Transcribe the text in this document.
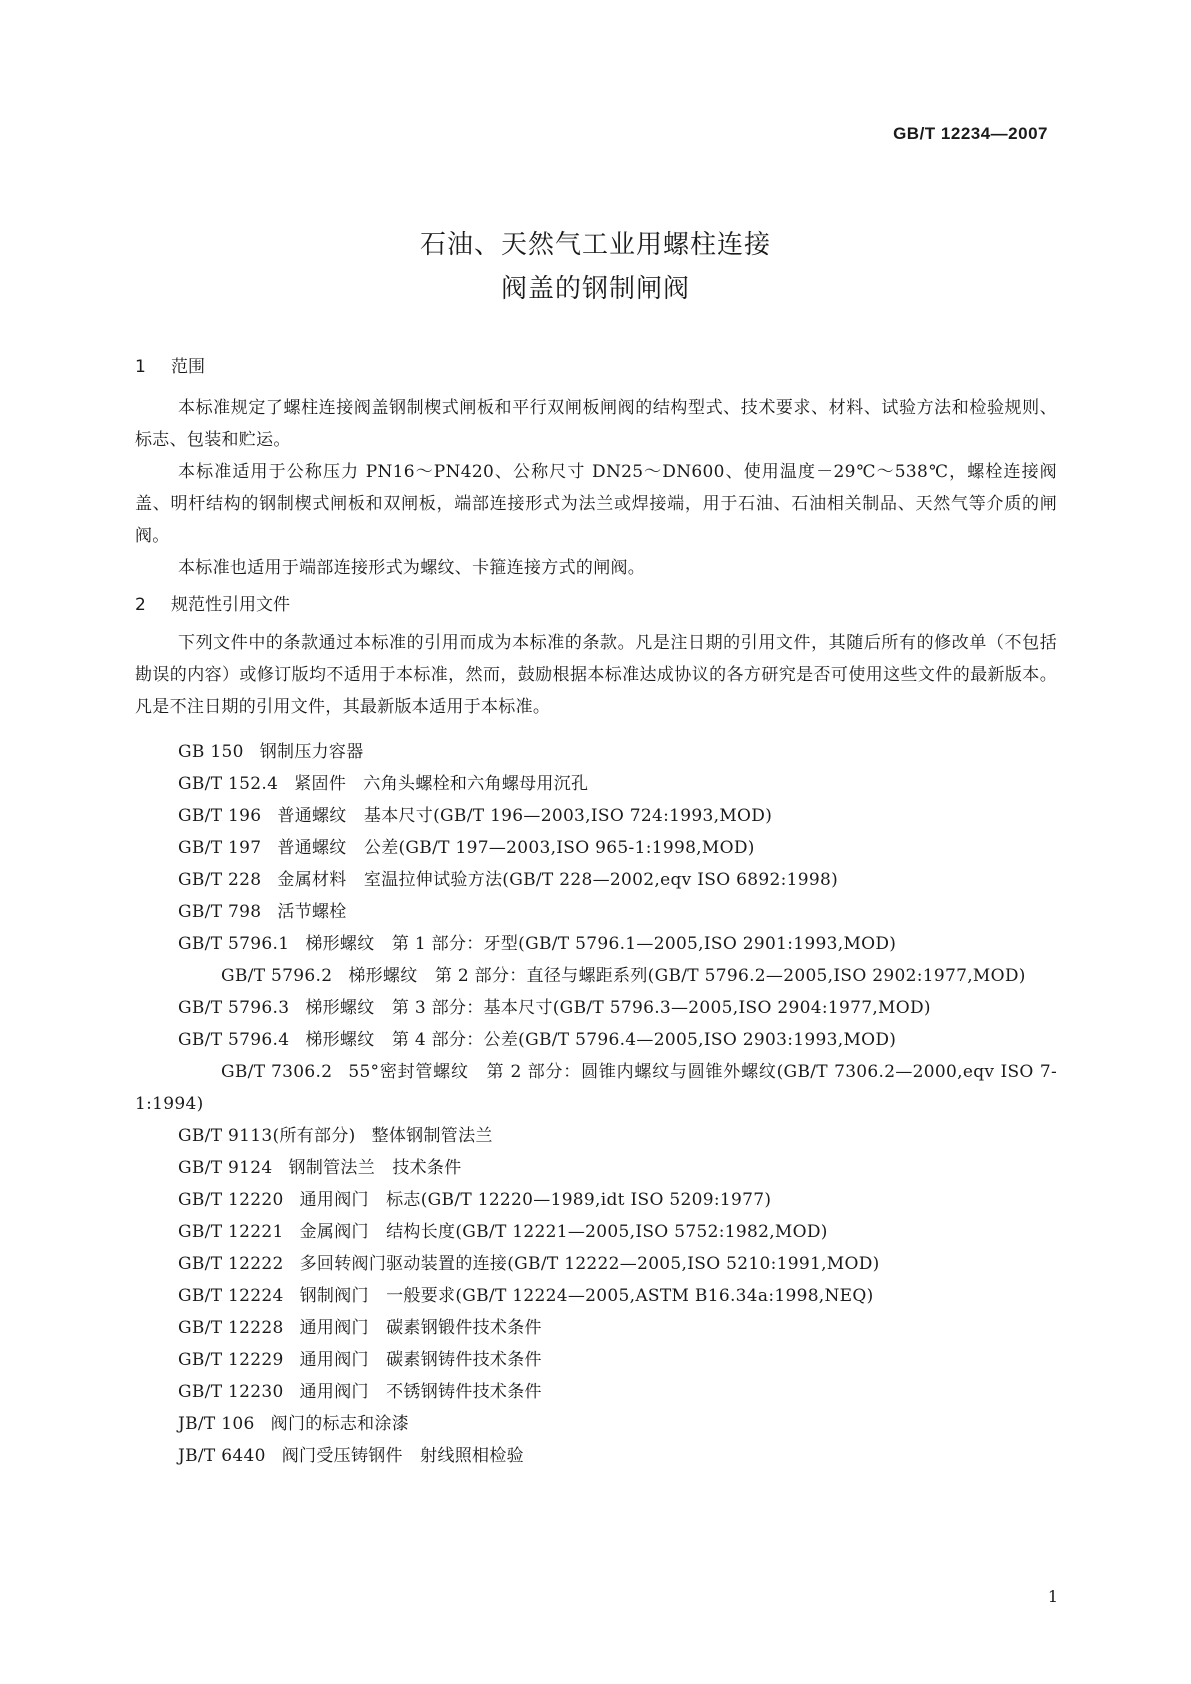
GB/T 12234—2007
石油、天然气工业用螺柱连接
阀盖的钢制闸阀
1 范围

本标准规定了螺柱连接阀盖钢制楔式闸板和平行双闸板闸阀的结构型式、技术要求、材料、试验方法和检验规则、标志、包装和贮运。

本标准适用于公称压力 PN16～PN420、公称尺寸 DN25～DN600、使用温度－29℃～538℃，螺栓连接阀盖、明杆结构的钢制楔式闸板和双闸板，端部连接形式为法兰或焊接端，用于石油、石油相关制品、天然气等介质的闸阀。

本标准也适用于端部连接形式为螺纹、卡箍连接方式的闸阀。

2 规范性引用文件

下列文件中的条款通过本标准的引用而成为本标准的条款。凡是注日期的引用文件，其随后所有的修改单（不包括勘误的内容）或修订版均不适用于本标准，然而，鼓励根据本标准达成协议的各方研究是否可使用这些文件的最新版本。凡是不注日期的引用文件，其最新版本适用于本标准。

GB 150 钢制压力容器
GB/T 152.4 紧固件　六角头螺栓和六角螺母用沉孔
GB/T 196 普通螺纹　基本尺寸(GB/T 196—2003,ISO 724:1993,MOD)
GB/T 197 普通螺纹　公差(GB/T 197—2003,ISO 965-1:1998,MOD)
GB/T 228 金属材料　室温拉伸试验方法(GB/T 228—2002,eqv ISO 6892:1998)
GB/T 798 活节螺栓
GB/T 5796.1 梯形螺纹　第 1 部分：牙型(GB/T 5796.1—2005,ISO 2901:1993,MOD)
GB/T 5796.2 梯形螺纹　第 2 部分：直径与螺距系列(GB/T 5796.2—2005,ISO 2902:1977,MOD)
GB/T 5796.3 梯形螺纹　第 3 部分：基本尺寸(GB/T 5796.3—2005,ISO 2904:1977,MOD)
GB/T 5796.4 梯形螺纹　第 4 部分：公差(GB/T 5796.4—2005,ISO 2903:1993,MOD)
GB/T 7306.2 55°密封管螺纹　第 2 部分：圆锥内螺纹与圆锥外螺纹(GB/T 7306.2—2000,eqv ISO 7-1:1994)
GB/T 9113(所有部分) 整体钢制管法兰
GB/T 9124 钢制管法兰　技术条件
GB/T 12220 通用阀门　标志(GB/T 12220—1989,idt ISO 5209:1977)
GB/T 12221 金属阀门　结构长度(GB/T 12221—2005,ISO 5752:1982,MOD)
GB/T 12222 多回转阀门驱动装置的连接(GB/T 12222—2005,ISO 5210:1991,MOD)
GB/T 12224 钢制阀门　一般要求(GB/T 12224—2005,ASTM B16.34a:1998,NEQ)
GB/T 12228 通用阀门　碳素钢锻件技术条件
GB/T 12229 通用阀门　碳素钢铸件技术条件
GB/T 12230 通用阀门　不锈钢铸件技术条件
JB/T 106 阀门的标志和涂漆
JB/T 6440 阀门受压铸钢件　射线照相检验
1
